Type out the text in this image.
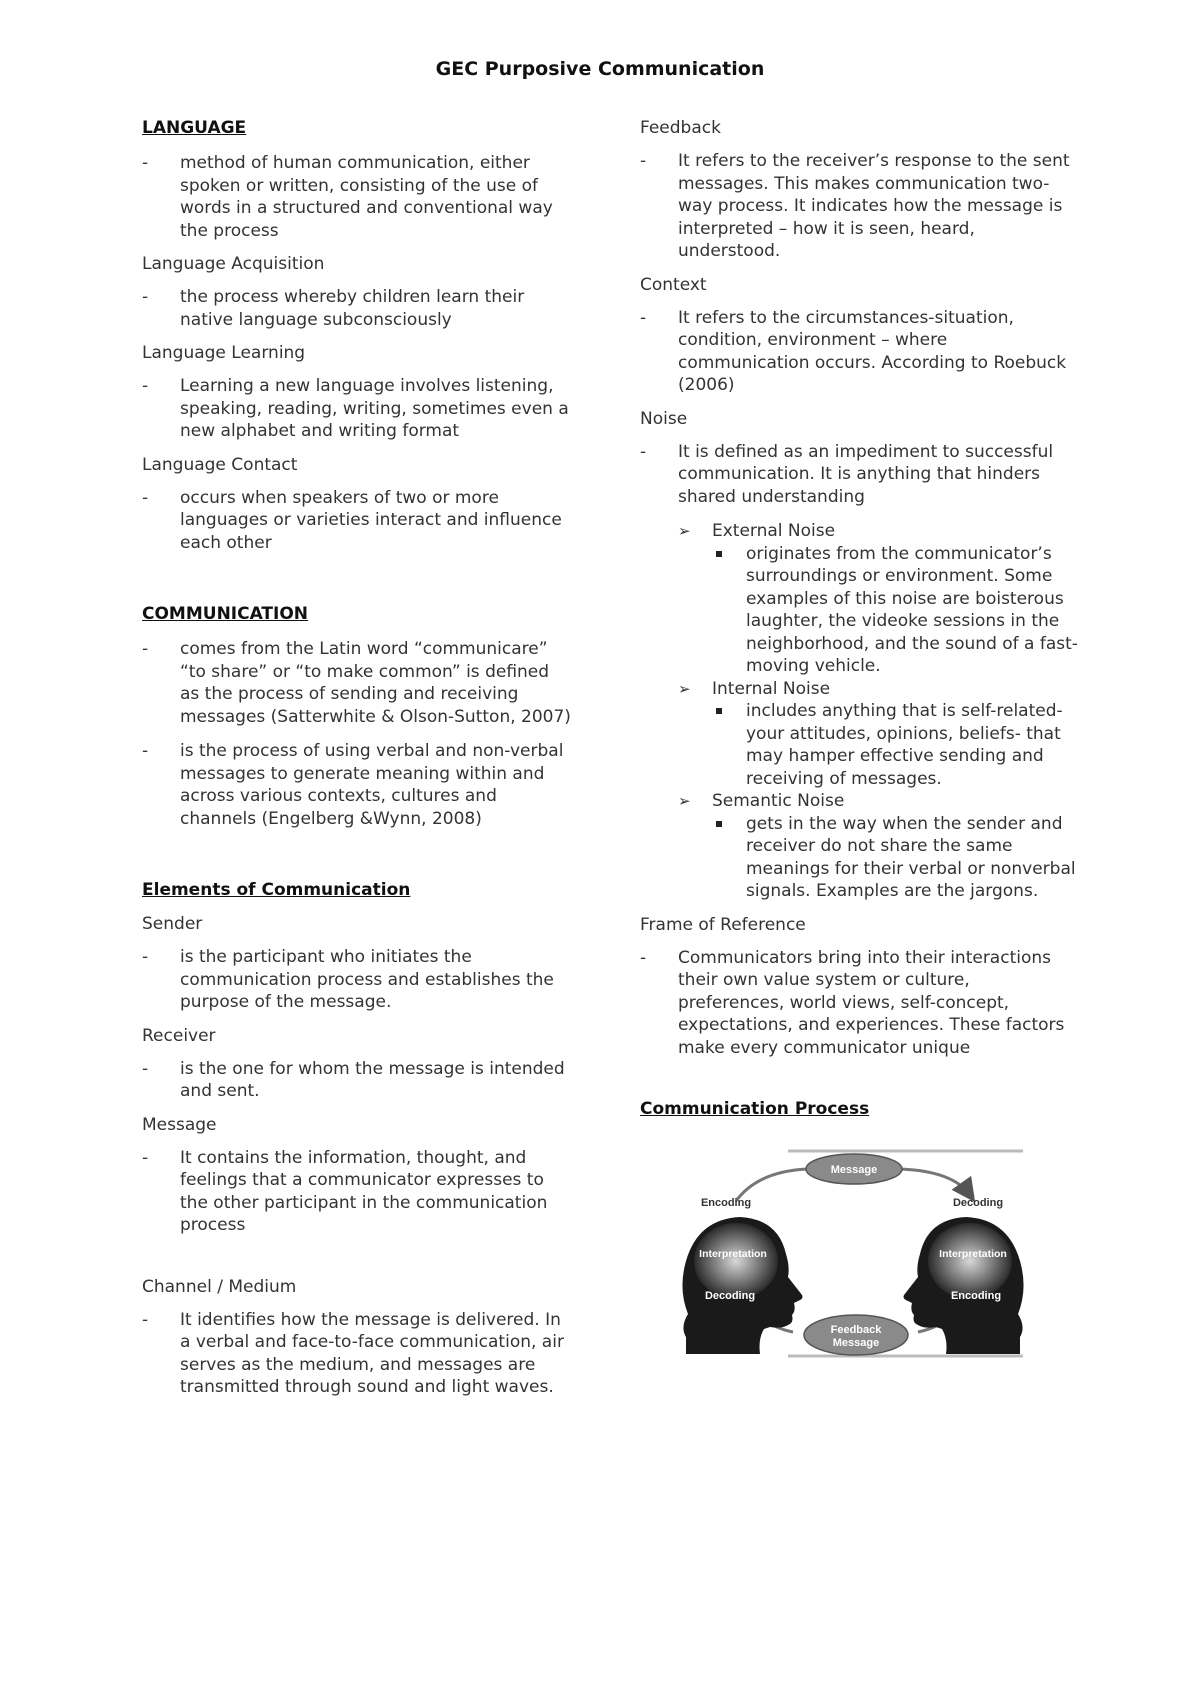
GEC Purposive Communication
LANGUAGE
- method of human communication, either spoken or written, consisting of the use of words in a structured and conventional way the process
Language Acquisition
- the process whereby children learn their native language subconsciously
Language Learning
- Learning a new language involves listening, speaking, reading, writing, sometimes even a new alphabet and writing format
Language Contact
- occurs when speakers of two or more languages or varieties interact and influence each other
COMMUNICATION
- comes from the Latin word “communicare” “to share” or “to make common” is defined as the process of sending and receiving messages (Satterwhite & Olson-Sutton, 2007)
- is the process of using verbal and non-verbal messages to generate meaning within and across various contexts, cultures and channels (Engelberg &Wynn, 2008)
Elements of Communication
Sender
- is the participant who initiates the communication process and establishes the purpose of the message.
Receiver
- is the one for whom the message is intended and sent.
Message
- It contains the information, thought, and feelings that a communicator expresses to the other participant in the communication process
Channel / Medium
- It identifies how the message is delivered. In a verbal and face-to-face communication, air serves as the medium, and messages are transmitted through sound and light waves.
Feedback
- It refers to the receiver’s response to the sent messages. This makes communication two-way process. It indicates how the message is interpreted – how it is seen, heard, understood.
Context
- It refers to the circumstances-situation, condition, environment – where communication occurs. According to Roebuck (2006)
Noise
- It is defined as an impediment to successful communication. It is anything that hinders shared understanding
➢ External Noise
originates from the communicator’s surroundings or environment. Some examples of this noise are boisterous laughter, the videoke sessions in the neighborhood, and the sound of a fast-moving vehicle.
➢ Internal Noise
includes anything that is self-related-your attitudes, opinions, beliefs- that may hamper effective sending and receiving of messages.
➢ Semantic Noise
gets in the way when the sender and receiver do not share the same meanings for their verbal or nonverbal signals. Examples are the jargons.
Frame of Reference
- Communicators bring into their interactions their own value system or culture, preferences, world views, self-concept, expectations, and experiences. These factors make every communicator unique
Communication Process
Message
Encoding	Decoding
Interpretation
Decoding
Interpretation
Encoding
Feedback
Message
